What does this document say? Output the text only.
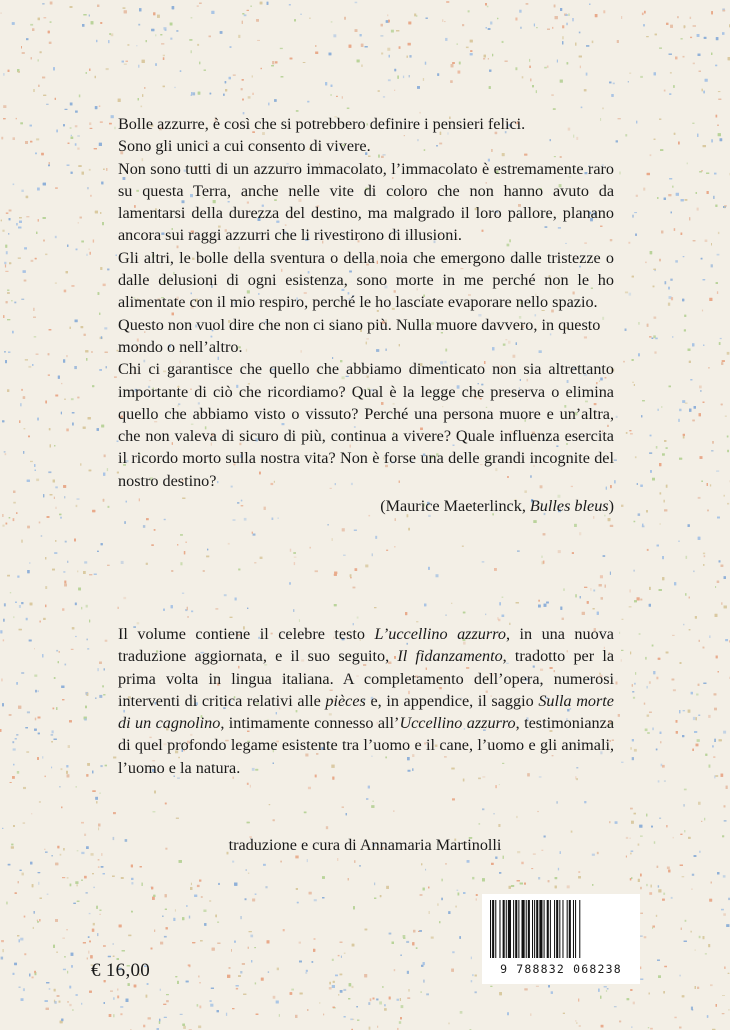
Bolle azzurre, è così che si potrebbero definire i pensieri felici.

Sono gli unici a cui consento di vivere.

Non sono tutti di un azzurro immacolato, l’immacolato è estremamente raro su questa Terra, anche nelle vite di coloro che non hanno avuto da lamentarsi della durezza del destino, ma malgrado il loro pallore, planano ancora sui raggi azzurri che li rivestirono di illusioni.

Gli altri, le bolle della sventura o della noia che emergono dalle tristezze o dalle delusioni di ogni esistenza, sono morte in me perché non le ho alimentate con il mio respiro, perché le ho lasciate evaporare nello spazio.

Questo non vuol dire che non ci siano più. Nulla muore davvero, in questo mondo o nell’altro.

Chi ci garantisce che quello che abbiamo dimenticato non sia altrettanto importante di ciò che ricordiamo? Qual è la legge che preserva o elimina quello che abbiamo visto o vissuto? Perché una persona muore e un’altra, che non valeva di sicuro di più, continua a vivere? Quale influenza esercita il ricordo morto sulla nostra vita? Non è forse una delle grandi incognite del nostro destino?

(Maurice Maeterlinck, Bulles bleus)

Il volume contiene il celebre testo L’uccellino azzurro, in una nuova traduzione aggiornata, e il suo seguito, Il fidanzamento, tradotto per la prima volta in lingua italiana. A completamento dell’opera, numerosi interventi di critica relativi alle pièces e, in appendice, il saggio Sulla morte di un cagnolino, intimamente connesso all’Uccellino azzurro, testimonianza di quel profondo legame esistente tra l’uomo e il cane, l’uomo e gli animali, l’uomo e la natura.

traduzione e cura di Annamaria Martinolli
€ 16,00	9 788832 068238
